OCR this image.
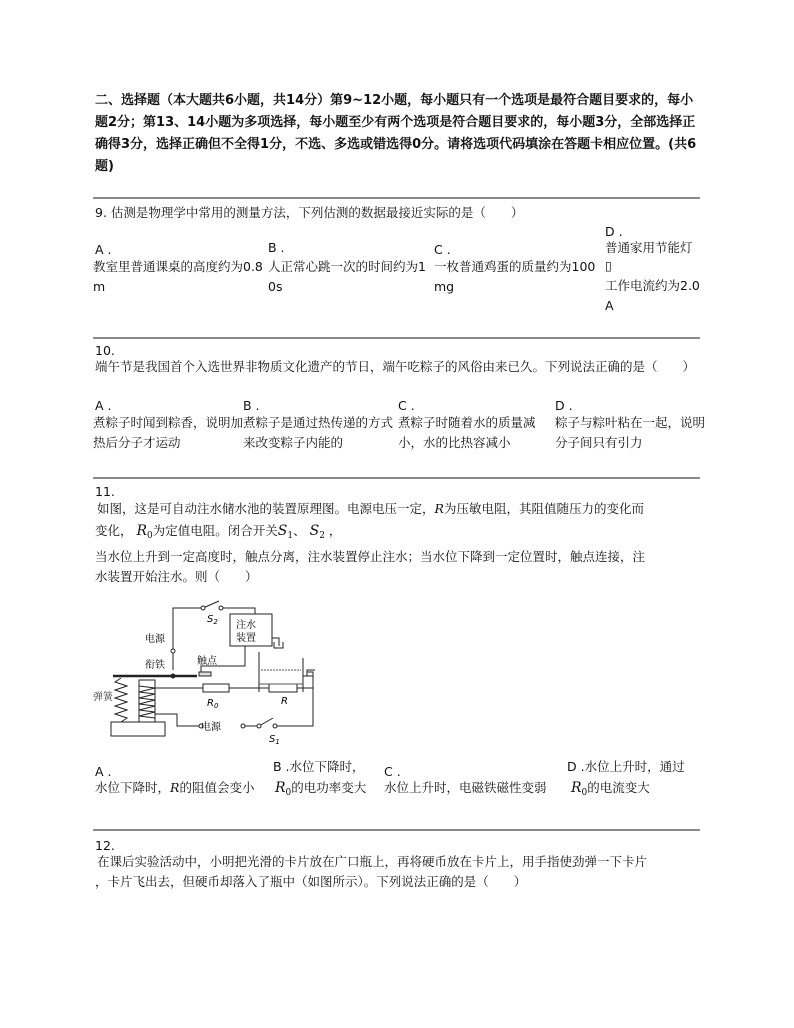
二、选择题（本大题共6小题，共14分）第9~12小题，每小题只有一个选项是最符合题目要求的，每小题2分；第13、14小题为多项选择，每小题至少有两个选项是符合题目要求的，每小题3分，全部选择正确得3分，选择正确但不全得1分，不选、多选或错选得0分。请将选项代码填涂在答题卡相应位置。(共6题)
9. 估测是物理学中常用的测量方法，下列估测的数据最接近实际的是（　　）
A .
教室里普通课桌的高度约为0.8m
B .
人正常心跳一次的时间约为10s
C .
一枚普通鸡蛋的质量约为100mg
D .
普通家用节能灯
▯
工作电流约为2.0A
10.
端午节是我国首个入选世界非物质文化遗产的节日，端午吃粽子的风俗由来已久。下列说法正确的是（　　）
A .
煮粽子时闻到粽香，说明加热后分子才运动
B .
煮粽子是通过热传递的方式来改变粽子内能的
C .
煮粽子时随着水的质量减小，水的比热容减小
D .
粽子与粽叶粘在一起，说明分子间只有引力
11.
如图，这是可自动注水储水池的装置原理图。电源电压一定，R为压敏电阻，其阻值随压力的变化而
变化， $R_0$为定值电阻。闭合开关$S_1$、 $S_2$ ，
当水位上升到一定高度时，触点分离，注水装置停止注水；当水位下降到一定位置时，触点连接，注
水装置开始注水。则（　　）
$S_2$
电源
注水
装置
衔铁	触点
弹簧
$R_0$	R
电源
$S_1$
A .
水位下降时，R的阻值会变小
B .水位下降时，
$R_0$的电功率变大
C .
水位上升时，电磁铁磁性变弱
D .水位上升时，通过
$R_0$的电流变大
12.
在课后实验活动中，小明把光滑的卡片放在广口瓶上，再将硬币放在卡片上，用手指使劲弹一下卡片
，卡片飞出去，但硬币却落入了瓶中（如图所示）。下列说法正确的是（　　）
